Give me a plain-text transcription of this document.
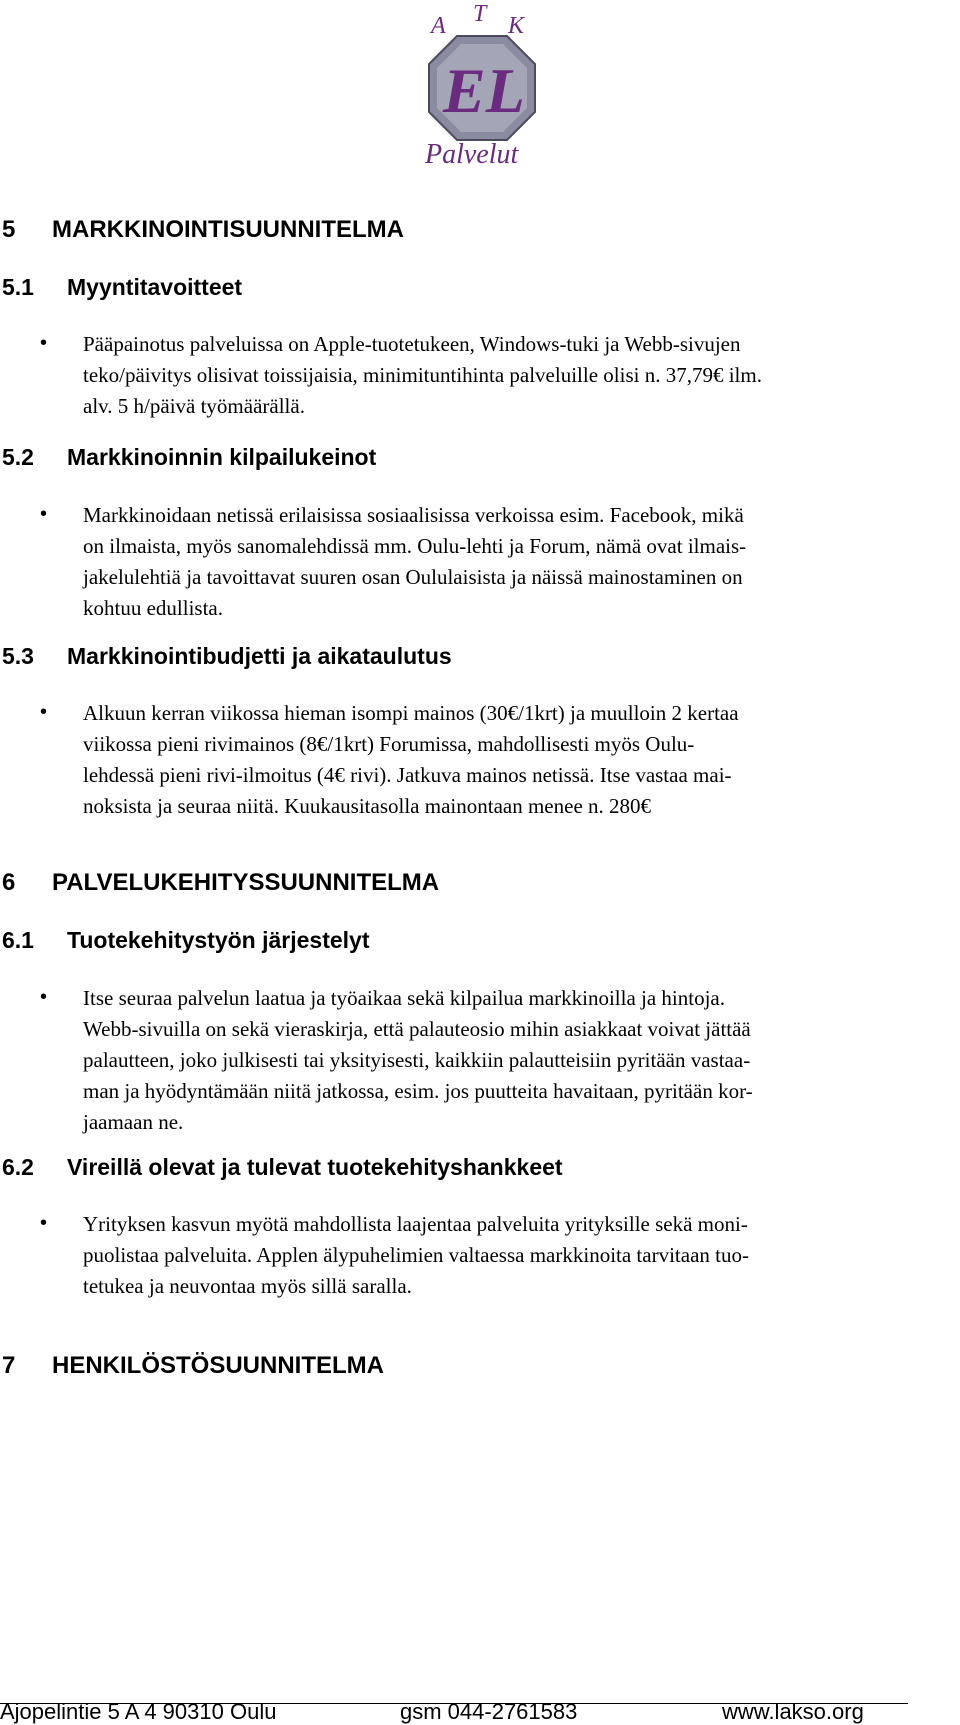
A T K
EL
Palvelut
5 MARKKINOINTISUUNNITELMA
5.1 Myyntitavoitteet
• Pääpainotus palveluissa on Apple-tuotetukeen, Windows-tuki ja Webb-sivujen
teko/päivitys olisivat toissijaisia, minimituntihinta palveluille olisi n. 37,79€ ilm.
alv. 5 h/päivä työmäärällä.
5.2 Markkinoinnin kilpailukeinot
• Markkinoidaan netissä erilaisissa sosiaalisissa verkoissa esim. Facebook, mikä
on ilmaista, myös sanomalehdissä mm. Oulu-lehti ja Forum, nämä ovat ilmais-
jakelulehtiä ja tavoittavat suuren osan Oululaisista ja näissä mainostaminen on
kohtuu edullista.
5.3 Markkinointibudjetti ja aikataulutus
• Alkuun kerran viikossa hieman isompi mainos (30€/1krt) ja muulloin 2 kertaa
viikossa pieni rivimainos (8€/1krt) Forumissa, mahdollisesti myös Oulu-
lehdessä pieni rivi-ilmoitus (4€ rivi). Jatkuva mainos netissä. Itse vastaa mai-
noksista ja seuraa niitä. Kuukausitasolla mainontaan menee n. 280€
6 PALVELUKEHITYSSUUNNITELMA
6.1 Tuotekehitystyön järjestelyt
• Itse seuraa palvelun laatua ja työaikaa sekä kilpailua markkinoilla ja hintoja.
Webb-sivuilla on sekä vieraskirja, että palauteosio mihin asiakkaat voivat jättää
palautteen, joko julkisesti tai yksityisesti, kaikkiin palautteisiin pyritään vastaa-
man ja hyödyntämään niitä jatkossa, esim. jos puutteita havaitaan, pyritään kor-
jaamaan ne.
6.2 Vireillä olevat ja tulevat tuotekehityshankkeet
• Yrityksen kasvun myötä mahdollista laajentaa palveluita yrityksille sekä moni-
puolistaa palveluita. Applen älypuhelimien valtaessa markkinoita tarvitaan tuo-
tetukea ja neuvontaa myös sillä saralla.
7 HENKILÖSTÖSUUNNITELMA
Ajopelintie 5 A 4 90310 Oulu	gsm 044-2761583	www.lakso.org
